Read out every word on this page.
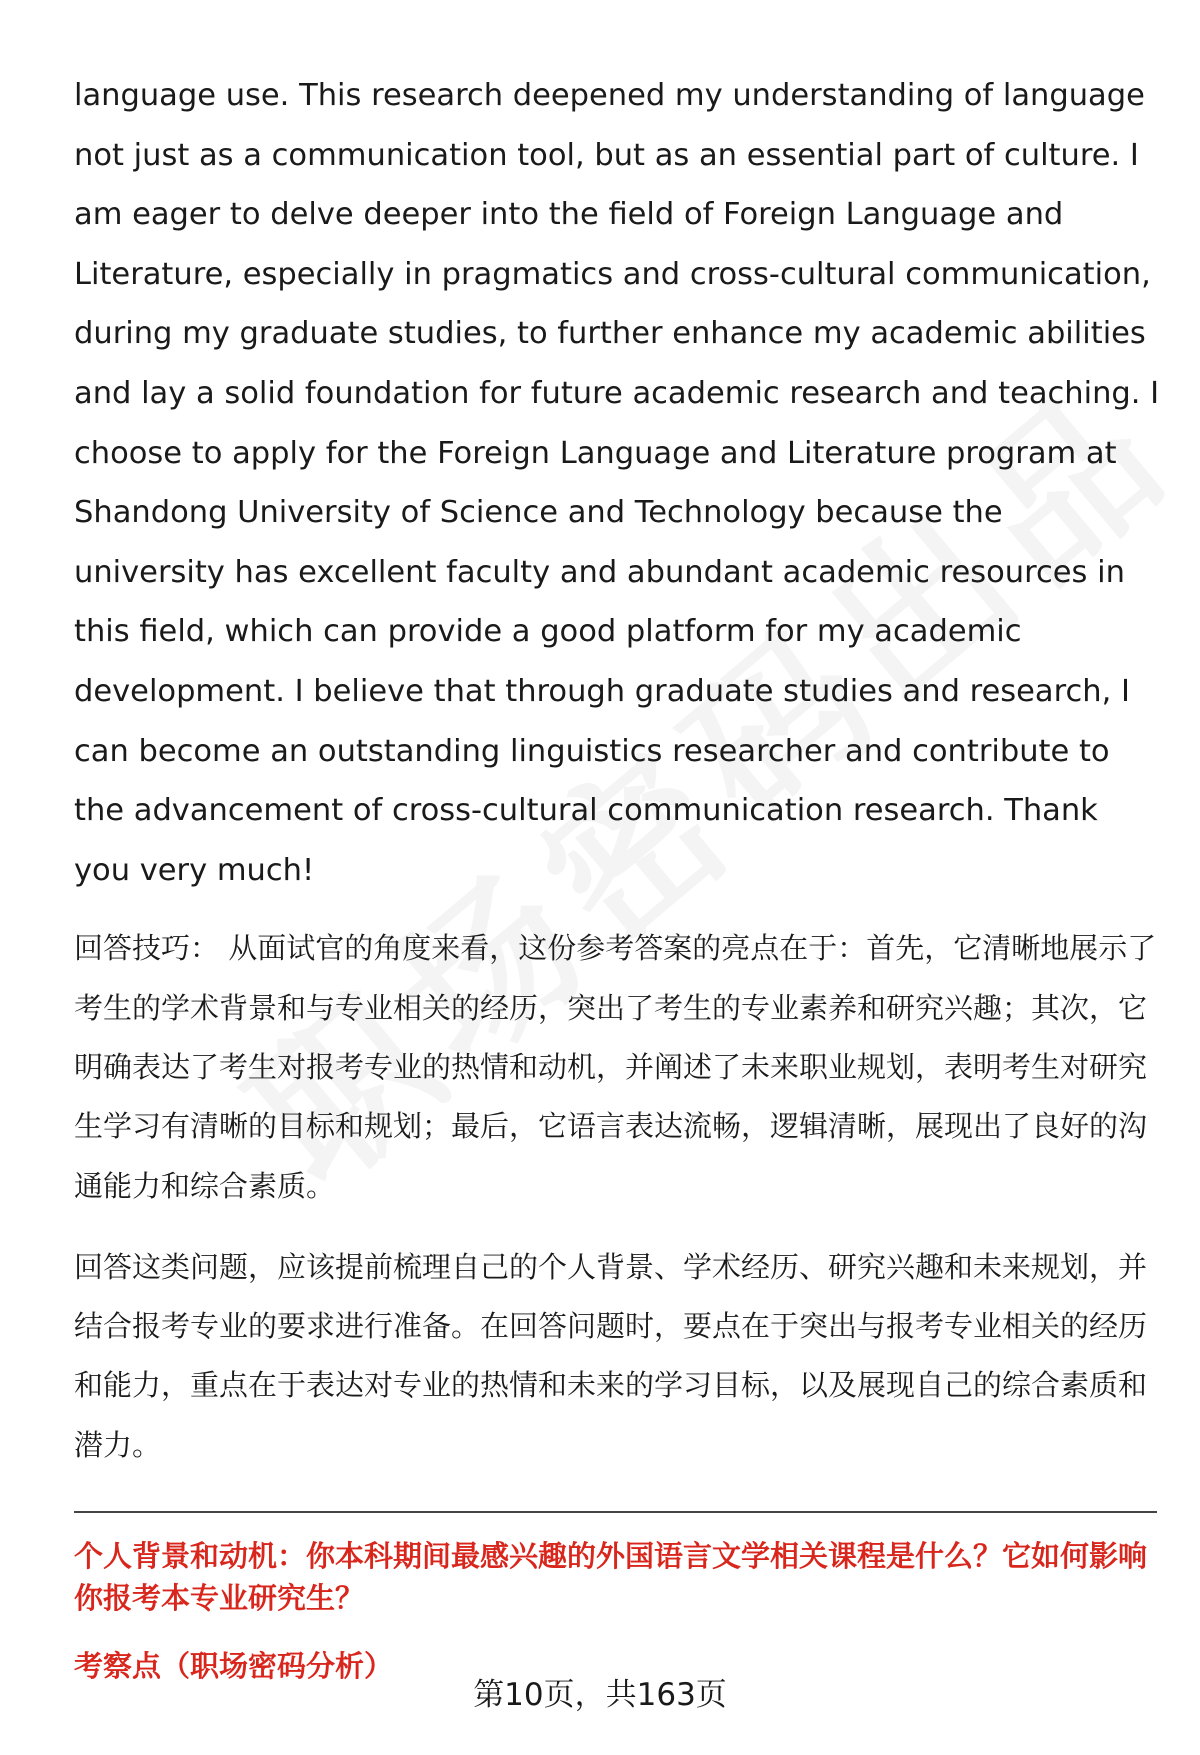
language use. This research deepened my understanding of language not just as a communication tool, but as an essential part of culture. I am eager to delve deeper into the field of Foreign Language and Literature, especially in pragmatics and cross-cultural communication, during my graduate studies, to further enhance my academic abilities and lay a solid foundation for future academic research and teaching. I choose to apply for the Foreign Language and Literature program at Shandong University of Science and Technology because the university has excellent faculty and abundant academic resources in this field, which can provide a good platform for my academic development. I believe that through graduate studies and research, I can become an outstanding linguistics researcher and contribute to the advancement of cross-cultural communication research. Thank you very much!

回答技巧： 从面试官的角度来看，这份参考答案的亮点在于：首先，它清晰地展示了考生的学术背景和与专业相关的经历，突出了考生的专业素养和研究兴趣；其次，它明确表达了考生对报考专业的热情和动机，并阐述了未来职业规划，表明考生对研究生学习有清晰的目标和规划；最后，它语言表达流畅，逻辑清晰，展现出了良好的沟通能力和综合素质。

回答这类问题，应该提前梳理自己的个人背景、学术经历、研究兴趣和未来规划，并结合报考专业的要求进行准备。在回答问题时，要点在于突出与报考专业相关的经历和能力，重点在于表达对专业的热情和未来的学习目标，以及展现自己的综合素质和潜力。

个人背景和动机：你本科期间最感兴趣的外国语言文学相关课程是什么？它如何影响你报考本专业研究生？
考察点（职场密码分析）
第10页，共163页
